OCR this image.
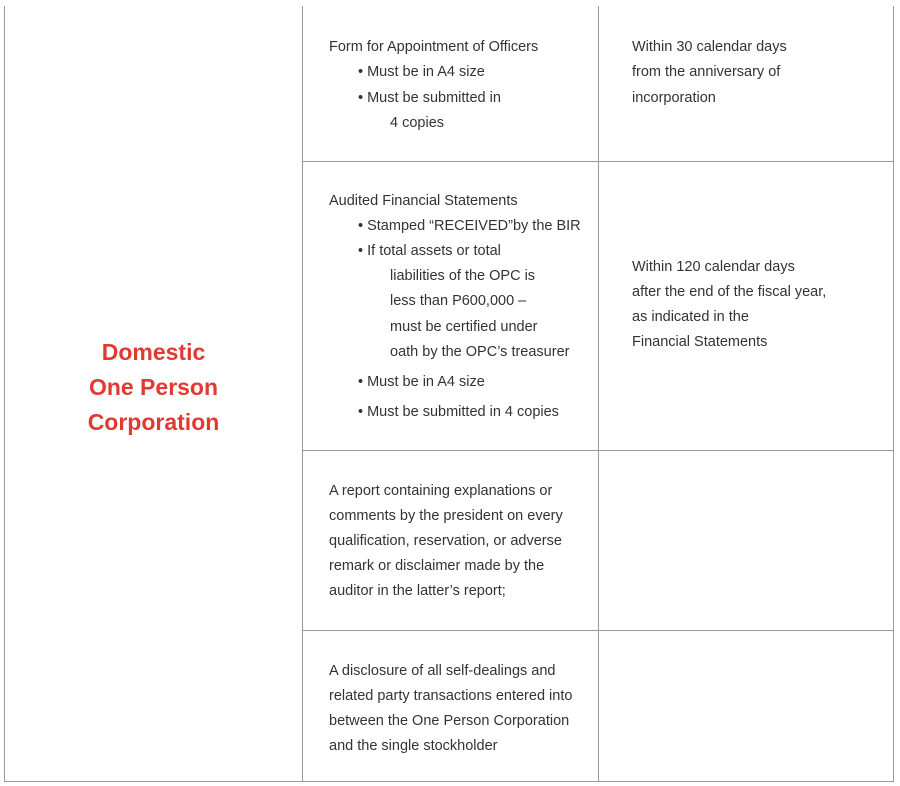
Domestic
One Person
Corporation
Form for Appointment of Officers
• Must be in A4 size
• Must be submitted in
4 copies
Within 30 calendar days
from the anniversary of
incorporation
Audited Financial Statements
• Stamped “RECEIVED”by the BIR
• If total assets or total
liabilities of the OPC is
less than P600,000 –
must be certified under
oath by the OPC’s treasurer
• Must be in A4 size
• Must be submitted in 4 copies
Within 120 calendar days
after the end of the fiscal year,
as indicated in the
Financial Statements
A report containing explanations or
comments by the president on every
qualification, reservation, or adverse
remark or disclaimer made by the
auditor in the latter’s report;
A disclosure of all self-dealings and
related party transactions entered into
between the One Person Corporation
and the single stockholder
